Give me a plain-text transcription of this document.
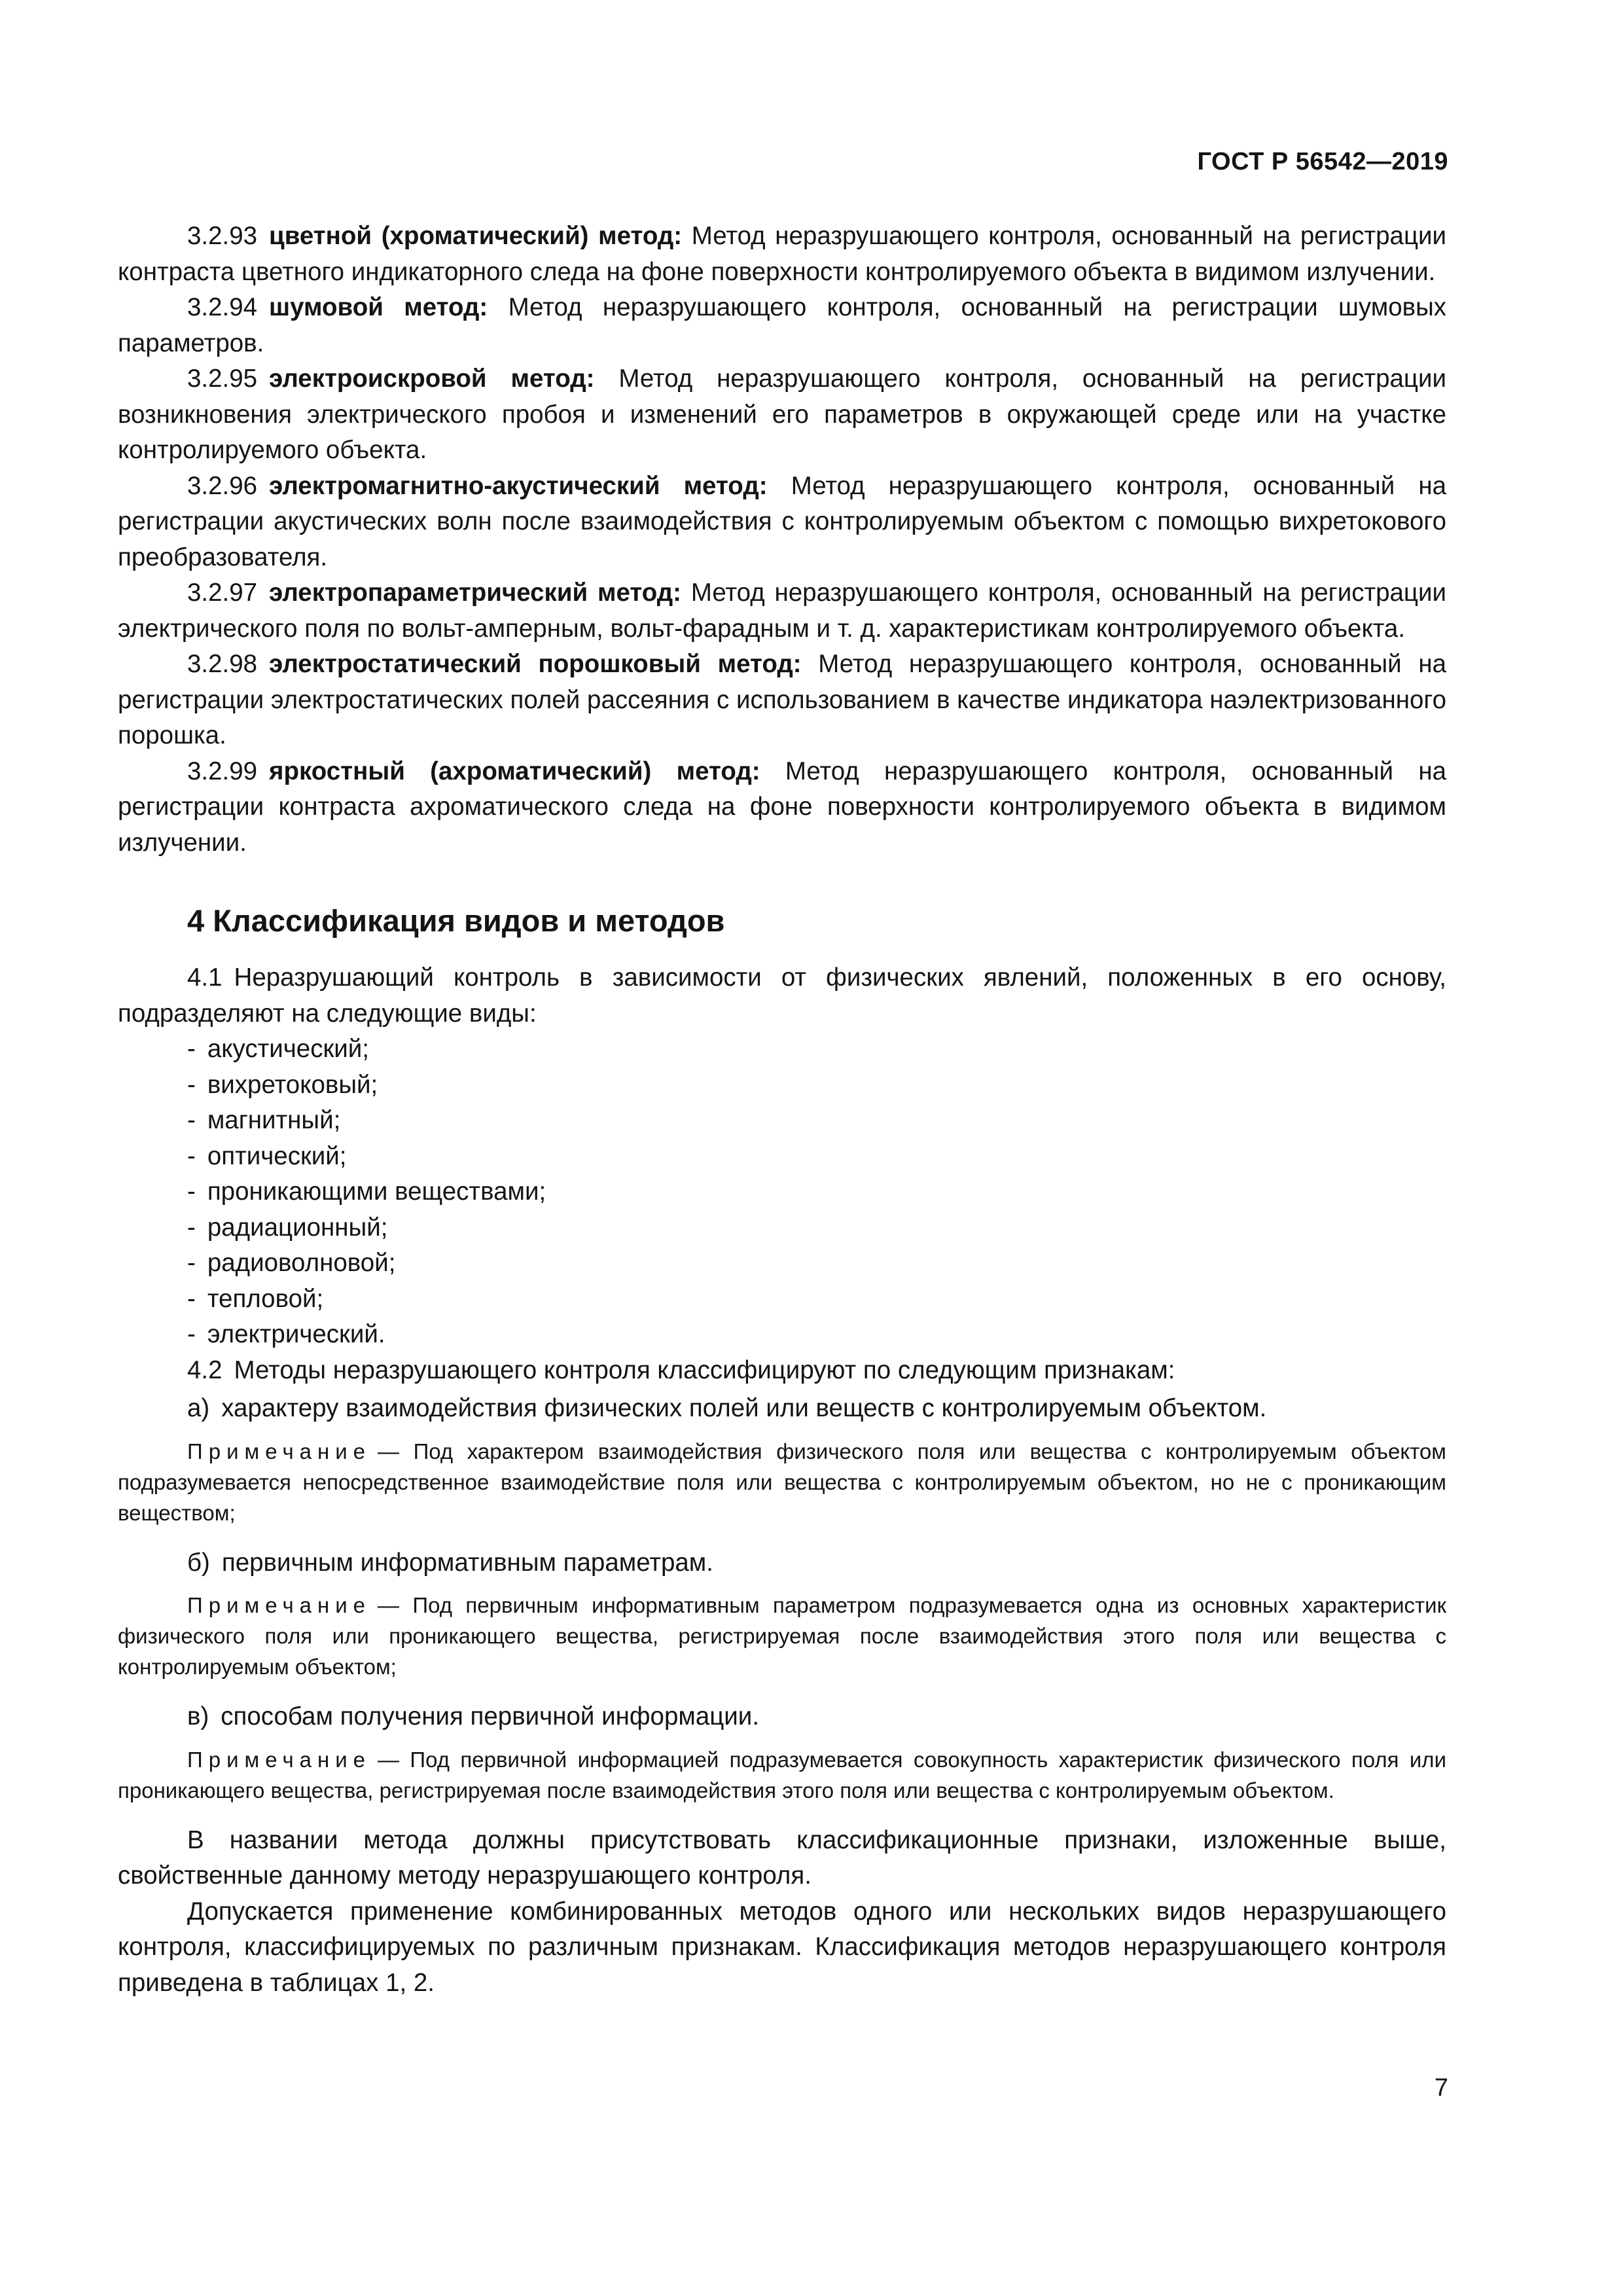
ГОСТ Р 56542—2019

3.2.93 цветной (хроматический) метод: Метод неразрушающего контроля, основанный на регистрации контраста цветного индикаторного следа на фоне поверхности контролируемого объекта в видимом излучении.

3.2.94 шумовой метод: Метод неразрушающего контроля, основанный на регистрации шумовых параметров.

3.2.95 электроискровой метод: Метод неразрушающего контроля, основанный на регистрации возникновения электрического пробоя и изменений его параметров в окружающей среде или на участке контролируемого объекта.

3.2.96 электромагнитно-акустический метод: Метод неразрушающего контроля, основанный на регистрации акустических волн после взаимодействия с контролируемым объектом с помощью вихретокового преобразователя.

3.2.97 электропараметрический метод: Метод неразрушающего контроля, основанный на регистрации электрического поля по вольт-амперным, вольт-фарадным и т. д. характеристикам контролируемого объекта.

3.2.98 электростатический порошковый метод: Метод неразрушающего контроля, основанный на регистрации электростатических полей рассеяния с использованием в качестве индикатора наэлектризованного порошка.

3.2.99 яркостный (ахроматический) метод: Метод неразрушающего контроля, основанный на регистрации контраста ахроматического следа на фоне поверхности контролируемого объекта в видимом излучении.

4 Классификация видов и методов

4.1 Неразрушающий контроль в зависимости от физических явлений, положенных в его основу, подразделяют на следующие виды:

- акустический;
- вихретоковый;
- магнитный;
- оптический;
- проникающими веществами;
- радиационный;
- радиоволновой;
- тепловой;
- электрический.

4.2 Методы неразрушающего контроля классифицируют по следующим признакам:

а) характеру взаимодействия физических полей или веществ с контролируемым объектом.

Примечание — Под характером взаимодействия физического поля или вещества с контролируемым объектом подразумевается непосредственное взаимодействие поля или вещества с контролируемым объектом, но не с проникающим веществом;

б) первичным информативным параметрам.

Примечание — Под первичным информативным параметром подразумевается одна из основных характеристик физического поля или проникающего вещества, регистрируемая после взаимодействия этого поля или вещества с контролируемым объектом;

в) способам получения первичной информации.

Примечание — Под первичной информацией подразумевается совокупность характеристик физического поля или проникающего вещества, регистрируемая после взаимодействия этого поля или вещества с контролируемым объектом.

В названии метода должны присутствовать классификационные признаки, изложенные выше, свойственные данному методу неразрушающего контроля.

Допускается применение комбинированных методов одного или нескольких видов неразрушающего контроля, классифицируемых по различным признакам. Классификация методов неразрушающего контроля приведена в таблицах 1, 2.

7
